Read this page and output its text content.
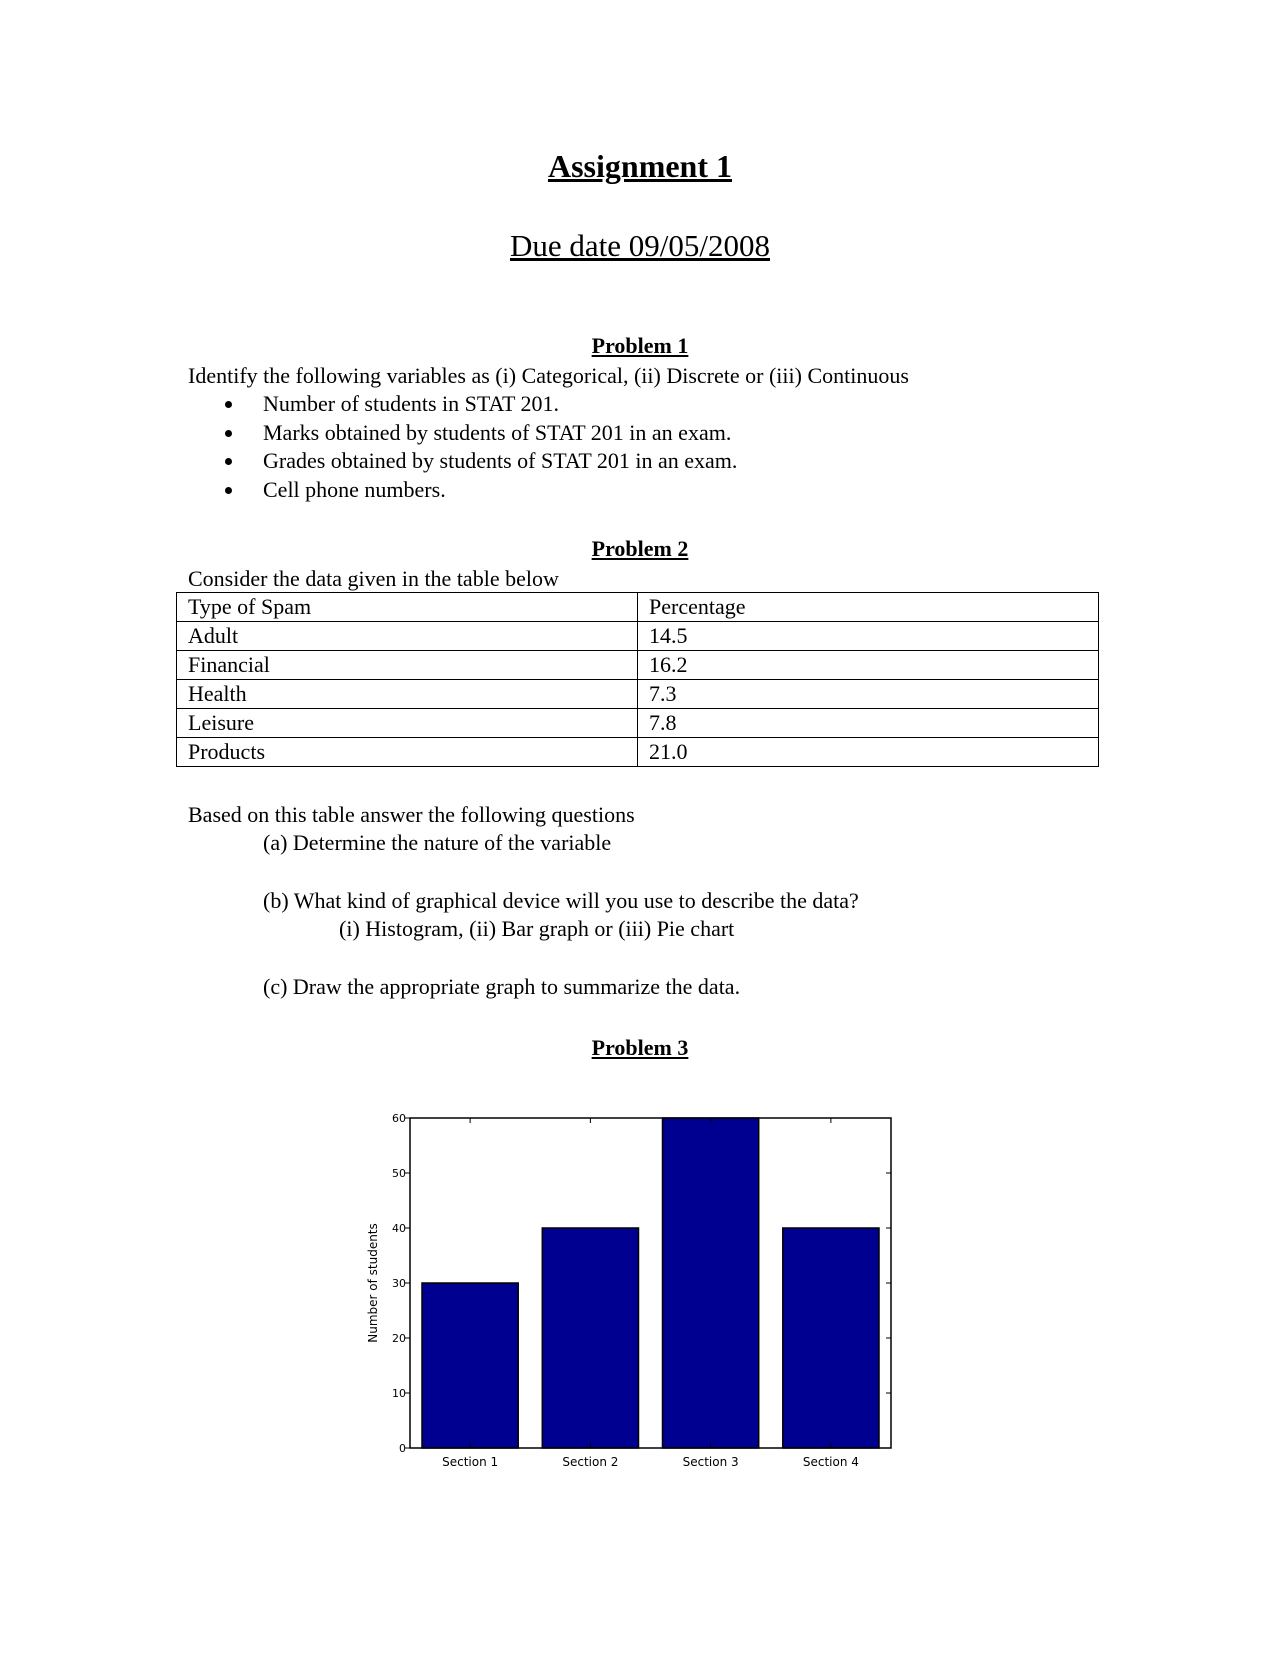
Assignment 1
Due date 09/05/2008
Problem 1
Identify the following variables as (i) Categorical, (ii) Discrete or (iii) Continuous
Number of students in STAT 201.
Marks obtained by students of STAT 201 in an exam.
Grades obtained by students of STAT 201 in an exam.
Cell phone numbers.
Problem 2
Consider the data given in the table below
Type of Spam	Percentage
Adult	14.5
Financial	16.2
Health	7.3
Leisure	7.8
Products	21.0
Based on this table answer the following questions
(a) Determine the nature of the variable
(b) What kind of graphical device will you use to describe the data?
(i) Histogram, (ii) Bar graph or (iii) Pie chart
(c) Draw the appropriate graph to summarize the data.
Problem 3
Section 1	Section 2	Section 3	Section 4
0
10
20
30
40
50
60
Number of students
